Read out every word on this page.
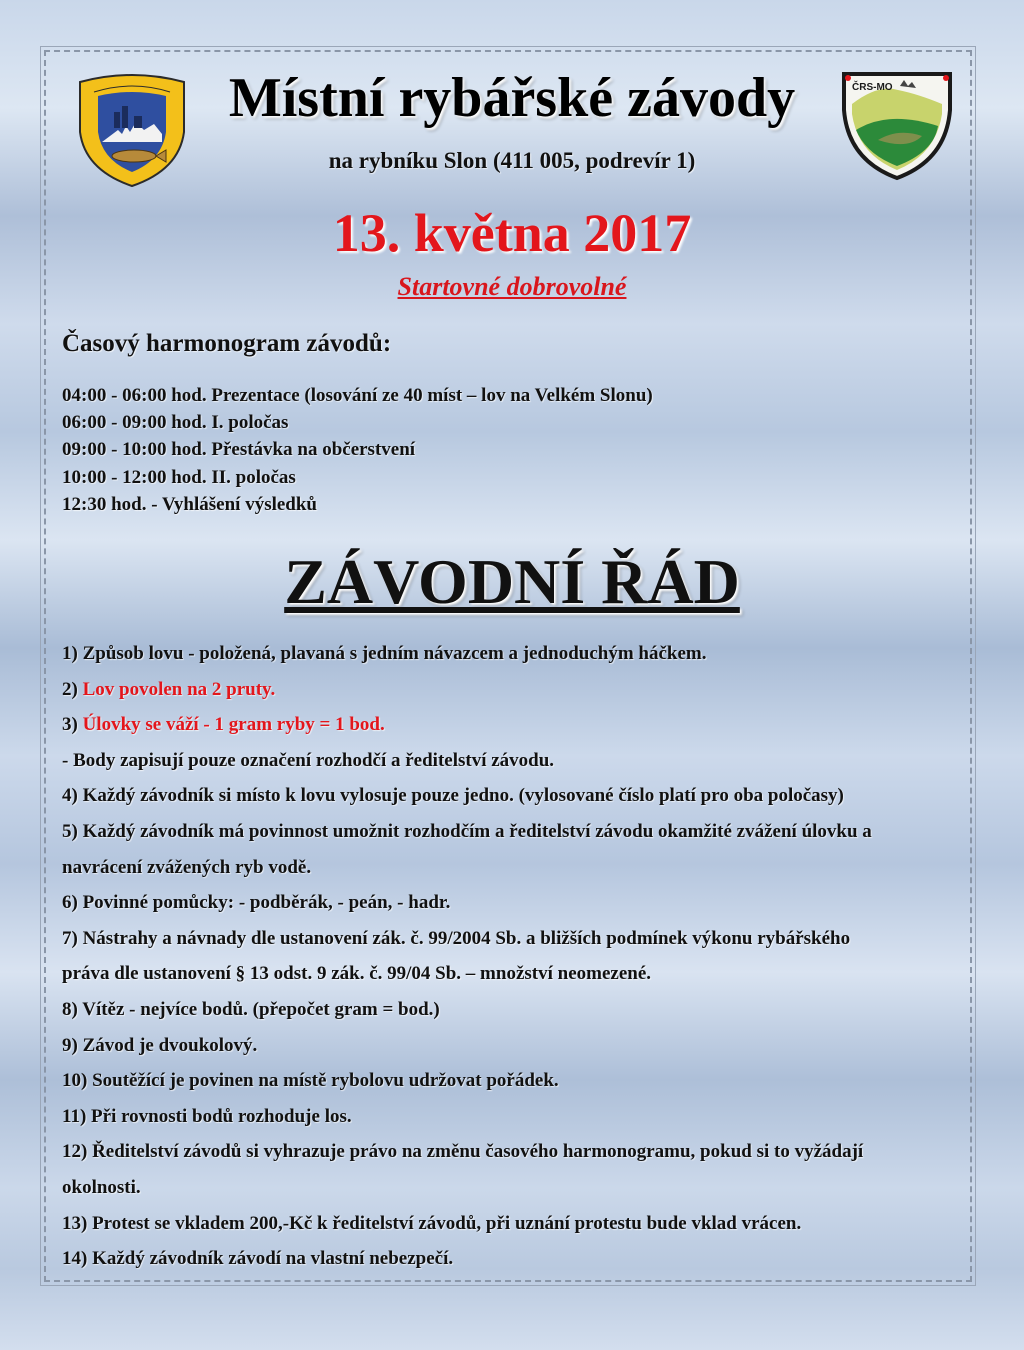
ČRS-MO
Místní rybářské závody
na rybníku Slon (411 005, podrevír 1)
13. května 2017
Startovné dobrovolné
Časový harmonogram závodů:
04:00 - 06:00 hod. Prezentace (losování ze 40 míst – lov na Velkém Slonu)
06:00 - 09:00 hod. I. poločas
09:00 - 10:00 hod. Přestávka na občerstvení
10:00 - 12:00 hod. II. poločas
12:30 hod. - Vyhlášení výsledků
ZÁVODNÍ ŘÁD
1) Způsob lovu - položená, plavaná s jedním návazcem a jednoduchým háčkem.
2) Lov povolen na 2 pruty.
3) Úlovky se váží - 1 gram ryby = 1 bod.
- Body zapisují pouze označení rozhodčí a ředitelství závodu.
4) Každý závodník si místo k lovu vylosuje pouze jedno. (vylosované číslo platí pro oba poločasy)
5) Každý závodník má povinnost umožnit rozhodčím a ředitelství závodu okamžité zvážení úlovku a
navrácení zvážených ryb vodě.
6) Povinné pomůcky: - podběrák, - peán, - hadr.
7) Nástrahy a návnady dle ustanovení zák. č. 99/2004 Sb. a bližších podmínek výkonu rybářského
práva dle ustanovení § 13 odst. 9 zák. č. 99/04 Sb. – množství neomezené.
8) Vítěz - nejvíce bodů. (přepočet gram = bod.)
9) Závod je dvoukolový.
10) Soutěžící je povinen na místě rybolovu udržovat pořádek.
11) Při rovnosti bodů rozhoduje los.
12) Ředitelství závodů si vyhrazuje právo na změnu časového harmonogramu, pokud si to vyžádají
okolnosti.
13) Protest se vkladem 200,-Kč k ředitelství závodů, při uznání protestu bude vklad vrácen.
14) Každý závodník závodí na vlastní nebezpečí.
